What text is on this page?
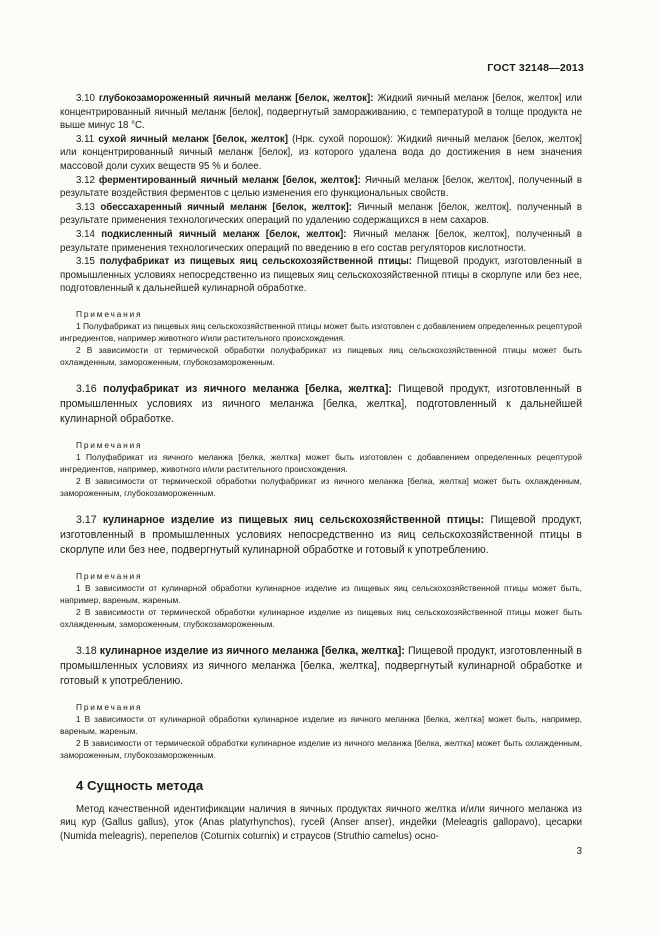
ГОСТ 32148—2013

3.10 глубокозамороженный яичный меланж [белок, желток]: Жидкий яичный меланж [белок, желток] или концентрированный яичный меланж [белок], подвергнутый замораживанию, с температурой в толще продукта не выше минус 18 °C.

3.11 сухой яичный меланж [белок, желток] (Нрк. сухой порошок): Жидкий яичный меланж [белок, желток] или концентрированный яичный меланж [белок], из которого удалена вода до достижения в нем значения массовой доли сухих веществ 95 % и более.

3.12 ферментированный яичный меланж [белок, желток]: Яичный меланж [белок, желток], полученный в результате воздействия ферментов с целью изменения его функциональных свойств.

3.13 обессахаренный яичный меланж [белок, желток]: Яичный меланж [белок, желток], полученный в результате применения технологических операций по удалению содержащихся в нем сахаров.

3.14 подкисленный яичный меланж [белок, желток]: Яичный меланж [белок, желток], полученный в результате применения технологических операций по введению в его состав регуляторов кислотности.

3.15 полуфабрикат из пищевых яиц сельскохозяйственной птицы: Пищевой продукт, изготовленный в промышленных условиях непосредственно из пищевых яиц сельскохозяйственной птицы в скорлупе или без нее, подготовленный к дальнейшей кулинарной обработке.

Примечания

1 Полуфабрикат из пищевых яиц сельскохозяйственной птицы может быть изготовлен с добавлением определенных рецептурой ингредиентов, например животного и/или растительного происхождения.

2 В зависимости от термической обработки полуфабрикат из пищевых яиц сельскохозяйственной птицы может быть охлажденным, замороженным, глубокозамороженным.

3.16 полуфабрикат из яичного меланжа [белка, желтка]: Пищевой продукт, изготовленный в промышленных условиях из яичного меланжа [белка, желтка], подготовленный к дальнейшей кулинарной обработке.

Примечания

1 Полуфабрикат из яичного меланжа [белка, желтка] может быть изготовлен с добавлением определенных рецептурой ингредиентов, например, животного и/или растительного происхождения.

2 В зависимости от термической обработки полуфабрикат из яичного меланжа [белка, желтка] может быть охлажденным, замороженным, глубокозамороженным.

3.17 кулинарное изделие из пищевых яиц сельскохозяйственной птицы: Пищевой продукт, изготовленный в промышленных условиях непосредственно из яиц сельскохозяйственной птицы в скорлупе или без нее, подвергнутый кулинарной обработке и готовый к употреблению.

Примечания

1 В зависимости от кулинарной обработки кулинарное изделие из пищевых яиц сельскохозяйственной птицы может быть, например, вареным, жареным.

2 В зависимости от термической обработки кулинарное изделие из пищевых яиц сельскохозяйственной птицы может быть охлажденным, замороженным, глубокозамороженным.

3.18 кулинарное изделие из яичного меланжа [белка, желтка]: Пищевой продукт, изготовленный в промышленных условиях из яичного меланжа [белка, желтка], подвергнутый кулинарной обработке и готовый к употреблению.

Примечания

1 В зависимости от кулинарной обработки кулинарное изделие из яичного меланжа [белка, желтка] может быть, например, вареным, жареным.

2 В зависимости от термической обработки кулинарное изделие из яичного меланжа [белка, желтка] может быть охлажденным, замороженным, глубокозамороженным.

4 Сущность метода

Метод качественной идентификации наличия в яичных продуктах яичного желтка и/или яичного меланжа из яиц кур (Gallus gallus), уток (Anas platyrhynchos), гусей (Anser anser), индейки (Meleagris gallopavo), цесарки (Numida meleagris), перепелов (Coturnix coturnix) и страусов (Struthio camelus) осно-

3
